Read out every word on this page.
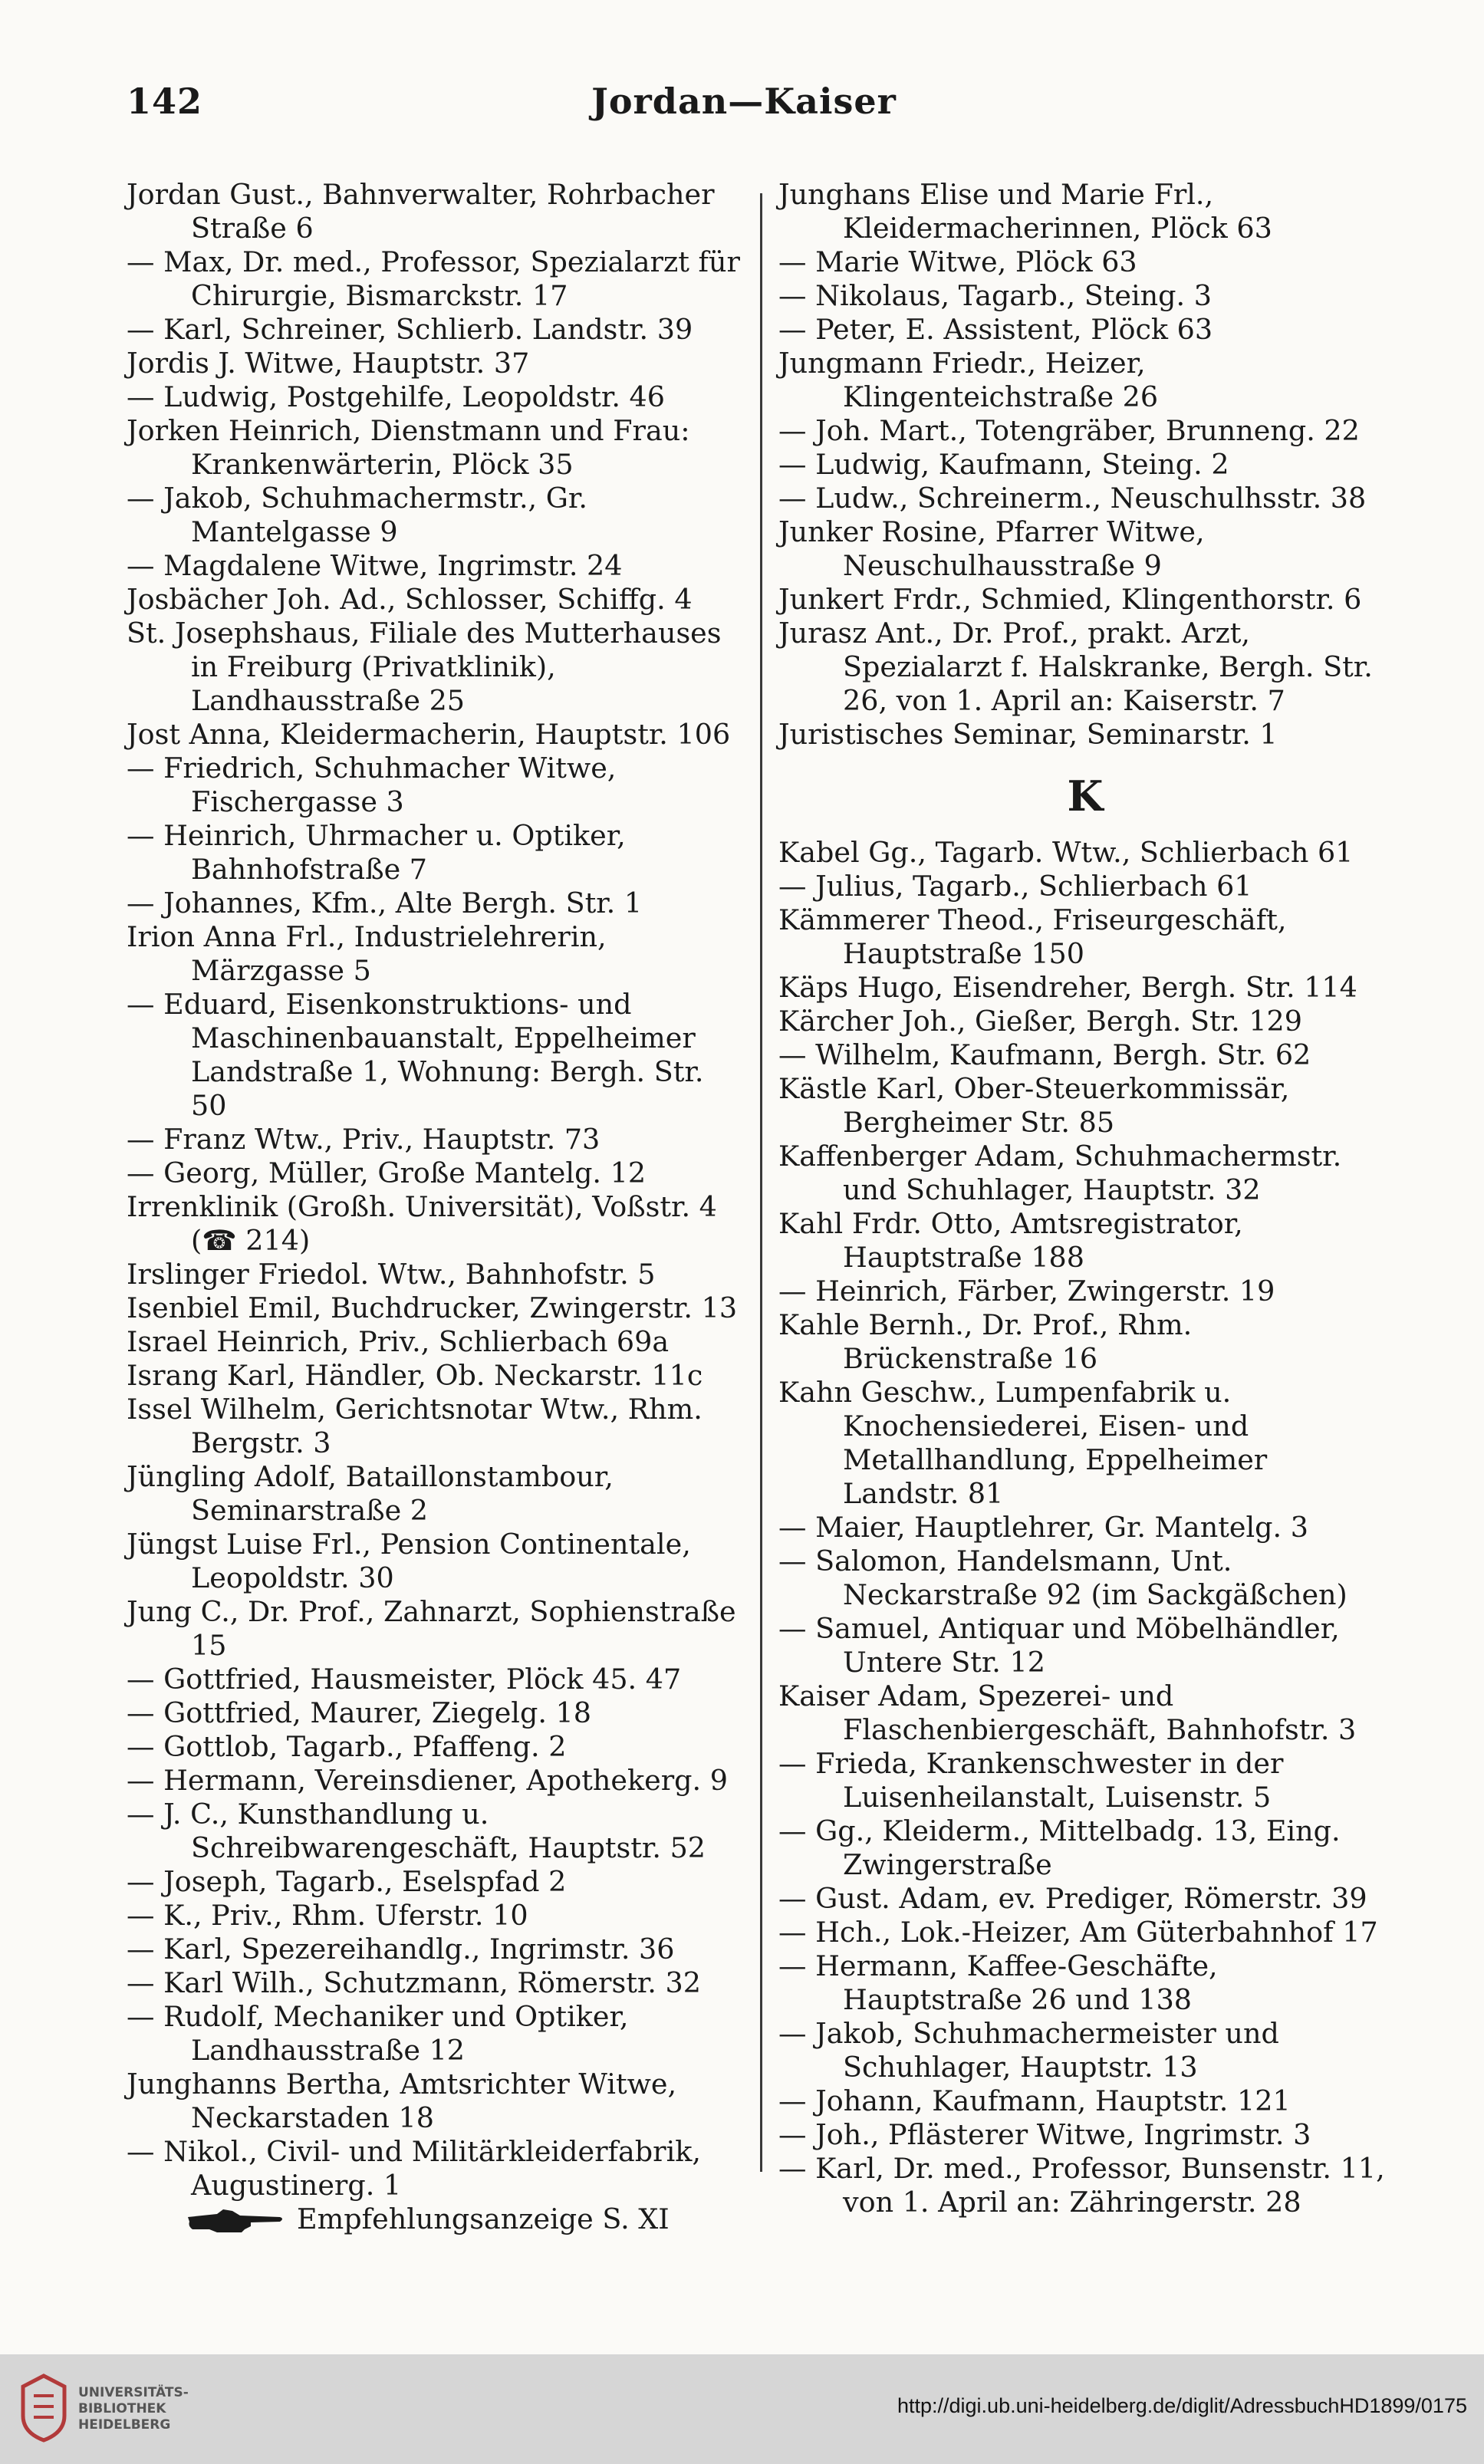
142	Jordan—Kaiser

Jordan Gust., Bahnverwalter, Rohrbacher Straße 6

— Max, Dr. med., Professor, Spezialarzt für Chirurgie, Bismarckstr. 17

— Karl, Schreiner, Schlierb. Landstr. 39

Jordis J. Witwe, Hauptstr. 37

— Ludwig, Postgehilfe, Leopoldstr. 46

Jorken Heinrich, Dienstmann und Frau: Krankenwärterin, Plöck 35

— Jakob, Schuhmachermstr., Gr. Mantelgasse 9

— Magdalene Witwe, Ingrimstr. 24

Josbächer Joh. Ad., Schlosser, Schiffg. 4

St. Josephshaus, Filiale des Mutterhauses in Freiburg (Privatklinik), Landhausstraße 25

Jost Anna, Kleidermacherin, Hauptstr. 106

— Friedrich, Schuhmacher Witwe, Fischergasse 3

— Heinrich, Uhrmacher u. Optiker, Bahnhofstraße 7

— Johannes, Kfm., Alte Bergh. Str. 1

Irion Anna Frl., Industrielehrerin, Märzgasse 5

— Eduard, Eisenkonstruktions- und Maschinenbauanstalt, Eppelheimer Landstraße 1, Wohnung: Bergh. Str. 50

— Franz Wtw., Priv., Hauptstr. 73

— Georg, Müller, Große Mantelg. 12

Irrenklinik (Großh. Universität), Voßstr. 4 (☎ 214)

Irslinger Friedol. Wtw., Bahnhofstr. 5

Isenbiel Emil, Buchdrucker, Zwingerstr. 13

Israel Heinrich, Priv., Schlierbach 69a

Israng Karl, Händler, Ob. Neckarstr. 11c

Issel Wilhelm, Gerichtsnotar Wtw., Rhm. Bergstr. 3

Jüngling Adolf, Bataillonstambour, Seminarstraße 2

Jüngst Luise Frl., Pension Continentale, Leopoldstr. 30

Jung C., Dr. Prof., Zahnarzt, Sophienstraße 15

— Gottfried, Hausmeister, Plöck 45. 47

— Gottfried, Maurer, Ziegelg. 18

— Gottlob, Tagarb., Pfaffeng. 2

— Hermann, Vereinsdiener, Apothekerg. 9

— J. C., Kunsthandlung u. Schreibwarengeschäft, Hauptstr. 52

— Joseph, Tagarb., Eselspfad 2

— K., Priv., Rhm. Uferstr. 10

— Karl, Spezereihandlg., Ingrimstr. 36

— Karl Wilh., Schutzmann, Römerstr. 32

— Rudolf, Mechaniker und Optiker, Landhausstraße 12

Junghanns Bertha, Amtsrichter Witwe, Neckarstaden 18

— Nikol., Civil- und Militärkleiderfabrik, Augustinerg. 1

Empfehlungsanzeige S. XI

Junghans Elise und Marie Frl., Kleidermacherinnen, Plöck 63

— Marie Witwe, Plöck 63

— Nikolaus, Tagarb., Steing. 3

— Peter, E. Assistent, Plöck 63

Jungmann Friedr., Heizer, Klingenteichstraße 26

— Joh. Mart., Totengräber, Brunneng. 22

— Ludwig, Kaufmann, Steing. 2

— Ludw., Schreinerm., Neuschulhsstr. 38

Junker Rosine, Pfarrer Witwe, Neuschulhausstraße 9

Junkert Frdr., Schmied, Klingenthorstr. 6

Jurasz Ant., Dr. Prof., prakt. Arzt, Spezialarzt f. Halskranke, Bergh. Str. 26, von 1. April an: Kaiserstr. 7

Juristisches Seminar, Seminarstr. 1

K

Kabel Gg., Tagarb. Wtw., Schlierbach 61

— Julius, Tagarb., Schlierbach 61

Kämmerer Theod., Friseurgeschäft, Hauptstraße 150

Käps Hugo, Eisendreher, Bergh. Str. 114

Kärcher Joh., Gießer, Bergh. Str. 129

— Wilhelm, Kaufmann, Bergh. Str. 62

Kästle Karl, Ober-Steuerkommissär, Bergheimer Str. 85

Kaffenberger Adam, Schuhmachermstr. und Schuhlager, Hauptstr. 32

Kahl Frdr. Otto, Amtsregistrator, Hauptstraße 188

— Heinrich, Färber, Zwingerstr. 19

Kahle Bernh., Dr. Prof., Rhm. Brückenstraße 16

Kahn Geschw., Lumpenfabrik u. Knochensiederei, Eisen- und Metallhandlung, Eppelheimer Landstr. 81

— Maier, Hauptlehrer, Gr. Mantelg. 3

— Salomon, Handelsmann, Unt. Neckarstraße 92 (im Sackgäßchen)

— Samuel, Antiquar und Möbelhändler, Untere Str. 12

Kaiser Adam, Spezerei- und Flaschenbiergeschäft, Bahnhofstr. 3

— Frieda, Krankenschwester in der Luisenheilanstalt, Luisenstr. 5

— Gg., Kleiderm., Mittelbadg. 13, Eing. Zwingerstraße

— Gust. Adam, ev. Prediger, Römerstr. 39

— Hch., Lok.-Heizer, Am Güterbahnhof 17

— Hermann, Kaffee-Geschäfte, Hauptstraße 26 und 138

— Jakob, Schuhmachermeister und Schuhlager, Hauptstr. 13

— Johann, Kaufmann, Hauptstr. 121

— Joh., Pflästerer Witwe, Ingrimstr. 3

— Karl, Dr. med., Professor, Bunsenstr. 11, von 1. April an: Zähringerstr. 28

UNIVERSITÄTS-
BIBLIOTHEK
HEIDELBERG
http://digi.ub.uni-heidelberg.de/diglit/AdressbuchHD1899/0175
